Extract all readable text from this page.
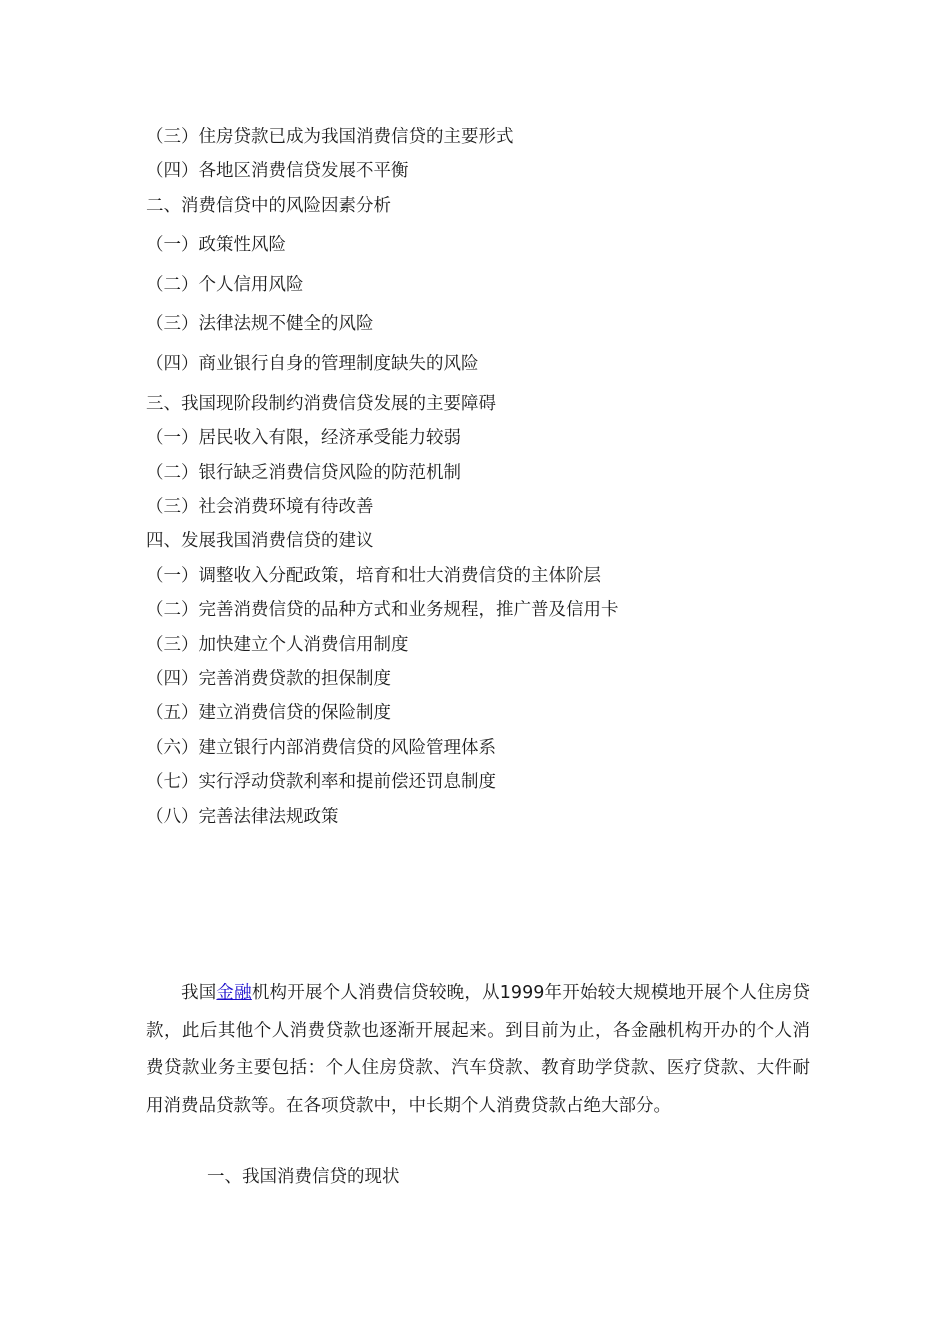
（三）住房贷款已成为我国消费信贷的主要形式
（四）各地区消费信贷发展不平衡
二、消费信贷中的风险因素分析
（一）政策性风险
（二）个人信用风险
（三）法律法规不健全的风险
（四）商业银行自身的管理制度缺失的风险
三、我国现阶段制约消费信贷发展的主要障碍
（一）居民收入有限，经济承受能力较弱
（二）银行缺乏消费信贷风险的防范机制
（三）社会消费环境有待改善
四、发展我国消费信贷的建议
（一）调整收入分配政策，培育和壮大消费信贷的主体阶层
（二）完善消费信贷的品种方式和业务规程，推广普及信用卡
（三）加快建立个人消费信用制度
（四）完善消费贷款的担保制度
（五）建立消费信贷的保险制度
（六）建立银行内部消费信贷的风险管理体系
（七）实行浮动贷款利率和提前偿还罚息制度
（八）完善法律法规政策

我国金融机构开展个人消费信贷较晚，从1999年开始较大规模地开展个人住房贷款，此后其他个人消费贷款也逐渐开展起来。到目前为止，各金融机构开办的个人消费贷款业务主要包括：个人住房贷款、汽车贷款、教育助学贷款、医疗贷款、大件耐用消费品贷款等。在各项贷款中，中长期个人消费贷款占绝大部分。

一、我国消费信贷的现状
